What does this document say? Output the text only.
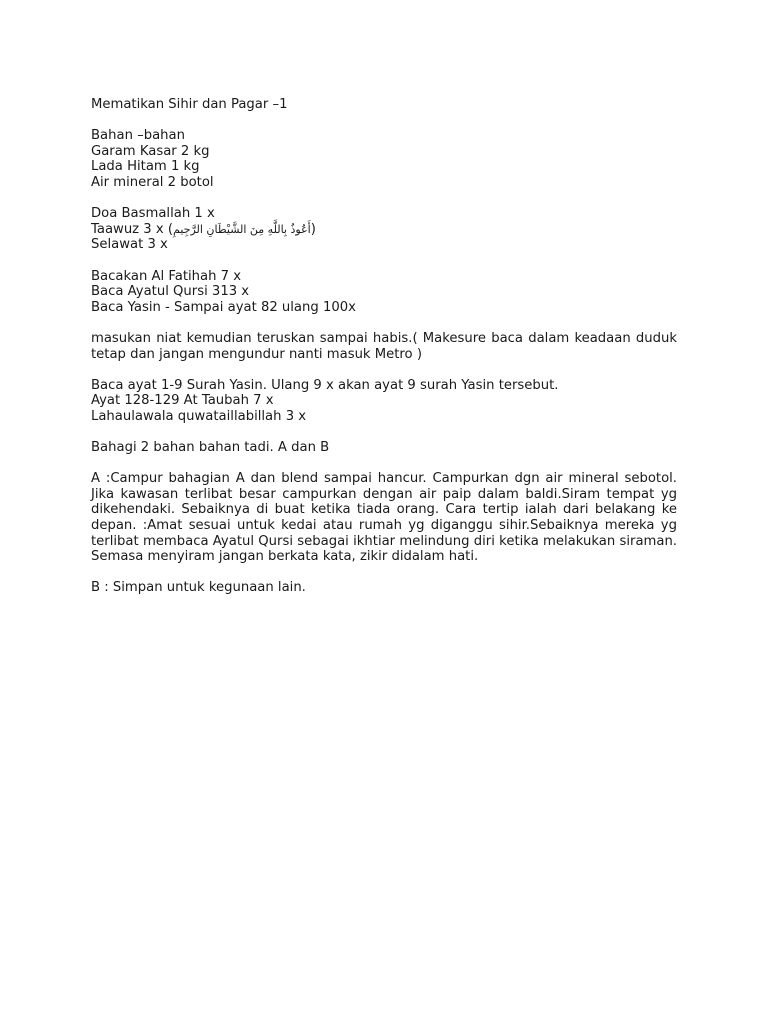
Mematikan Sihir dan Pagar –1
Bahan –bahan
Garam Kasar 2 kg
Lada Hitam 1 kg
Air mineral 2 botol
Doa Basmallah 1 x
Taawuz 3 x (أَعُوذُ بِاللَّهِ مِنَ الشَّيْطَانِ الرَّجِيمِ)
Selawat 3 x
Bacakan Al Fatihah 7 x
Baca Ayatul Qursi 313 x
Baca Yasin - Sampai ayat 82 ulang 100x
masukan niat kemudian teruskan sampai habis.( Makesure baca dalam keadaan duduk tetap dan jangan mengundur nanti masuk Metro )
Baca ayat 1-9 Surah Yasin. Ulang 9 x akan ayat 9 surah Yasin tersebut.
Ayat 128-129 At Taubah 7 x
Lahaulawala quwataillabillah 3 x
Bahagi 2 bahan bahan tadi. A dan B
A :Campur bahagian A dan blend sampai hancur. Campurkan dgn air mineral sebotol. Jika kawasan terlibat besar campurkan dengan air paip dalam baldi.Siram tempat yg dikehendaki. Sebaiknya di buat ketika tiada orang. Cara tertip ialah dari belakang ke depan. :Amat sesuai untuk kedai atau rumah yg diganggu sihir.Sebaiknya mereka yg terlibat membaca Ayatul Qursi sebagai ikhtiar melindung diri ketika melakukan siraman. Semasa menyiram jangan berkata kata, zikir didalam hati.
B : Simpan untuk kegunaan lain.
